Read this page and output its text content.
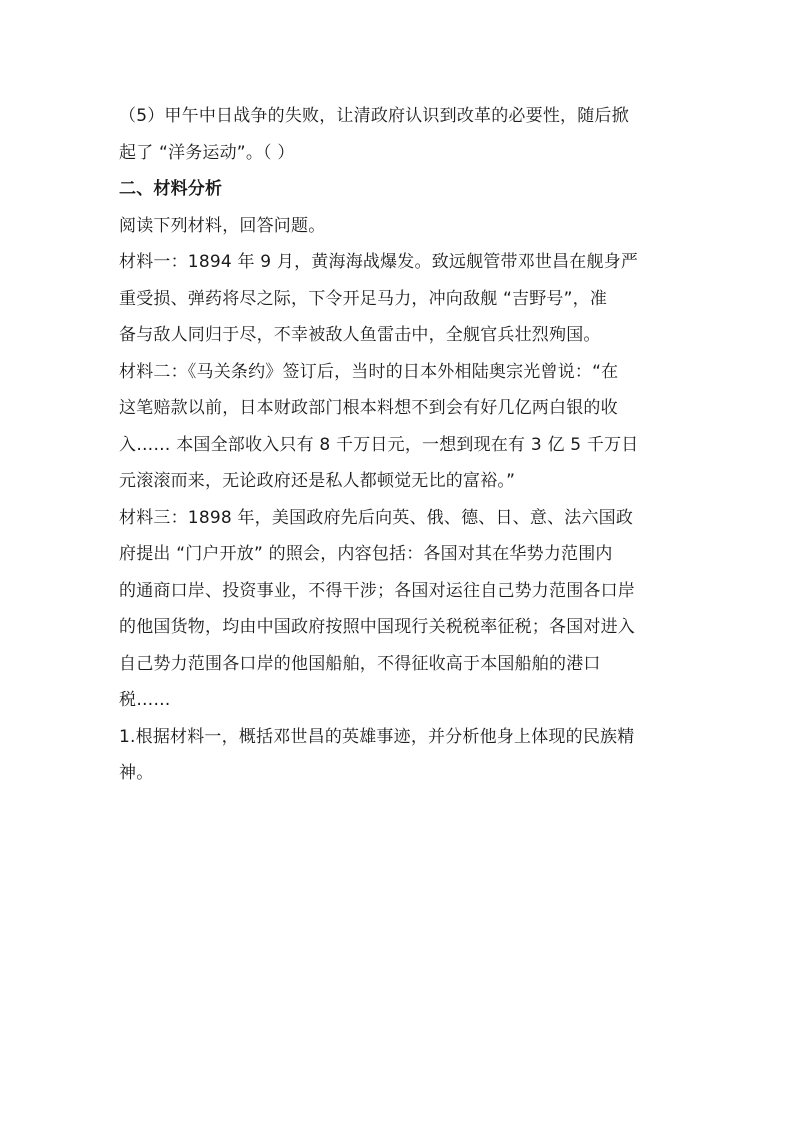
（5）甲午中日战争的失败，让清政府认识到改革的必要性，随后掀
起了 “洋务运动”。（ ）
二、材料分析
阅读下列材料，回答问题。
材料一：1894 年 9 月，黄海海战爆发。致远舰管带邓世昌在舰身严
重受损、弹药将尽之际，下令开足马力，冲向敌舰 “吉野号”，准
备与敌人同归于尽，不幸被敌人鱼雷击中，全舰官兵壮烈殉国。
材料二：《马关条约》签订后，当时的日本外相陆奥宗光曾说：“在
这笔赔款以前，日本财政部门根本料想不到会有好几亿两白银的收
入…… 本国全部收入只有 8 千万日元，一想到现在有 3 亿 5 千万日
元滚滚而来，无论政府还是私人都顿觉无比的富裕。”
材料三：1898 年，美国政府先后向英、俄、德、日、意、法六国政
府提出 “门户开放” 的照会，内容包括：各国对其在华势力范围内
的通商口岸、投资事业，不得干涉；各国对运往自己势力范围各口岸
的他国货物，均由中国政府按照中国现行关税税率征税；各国对进入
自己势力范围各口岸的他国船舶，不得征收高于本国船舶的港口
税……
1.根据材料一，概括邓世昌的英雄事迹，并分析他身上体现的民族精
神。
